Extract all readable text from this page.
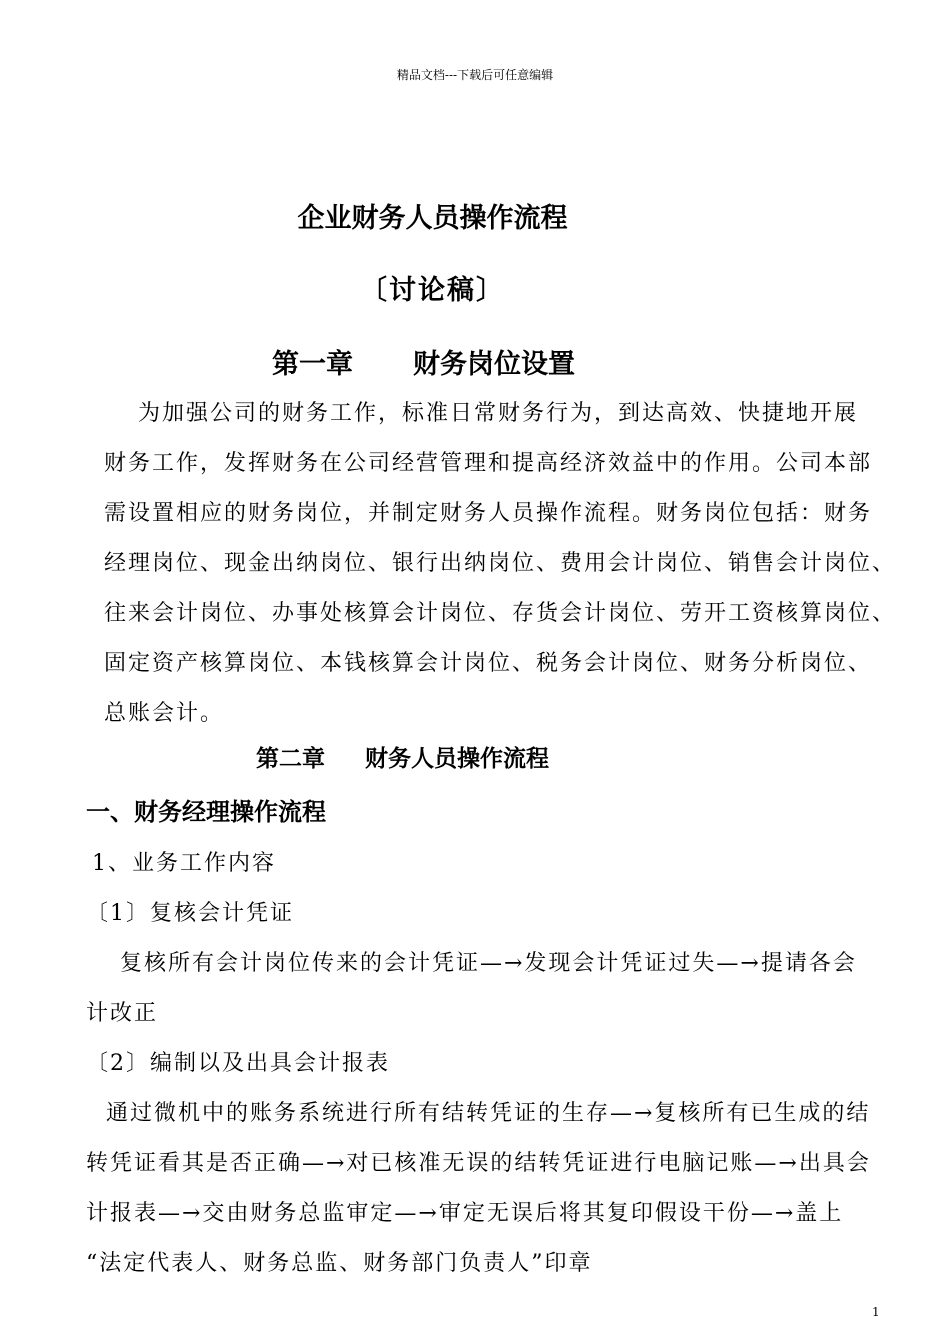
精品文档---下载后可任意编辑
企业财务人员操作流程
〔讨论稿〕
第一章 财务岗位设置
为加强公司的财务工作，标准日常财务行为，到达高效、快捷地开展
财务工作，发挥财务在公司经营管理和提高经济效益中的作用。公司本部
需设置相应的财务岗位，并制定财务人员操作流程。财务岗位包括：财务
经理岗位、现金出纳岗位、银行出纳岗位、费用会计岗位、销售会计岗位、
往来会计岗位、办事处核算会计岗位、存货会计岗位、劳开工资核算岗位、
固定资产核算岗位、本钱核算会计岗位、税务会计岗位、财务分析岗位、
总账会计。
第二章 财务人员操作流程
一、财务经理操作流程
1、业务工作内容
〔1〕复核会计凭证
复核所有会计岗位传来的会计凭证—→发现会计凭证过失—→提请各会
计改正
〔2〕编制以及出具会计报表
通过微机中的账务系统进行所有结转凭证的生存—→复核所有已生成的结
转凭证看其是否正确—→对已核准无误的结转凭证进行电脑记账—→出具会
计报表—→交由财务总监审定—→审定无误后将其复印假设干份—→盖上
“法定代表人、财务总监、财务部门负责人”印章
1
